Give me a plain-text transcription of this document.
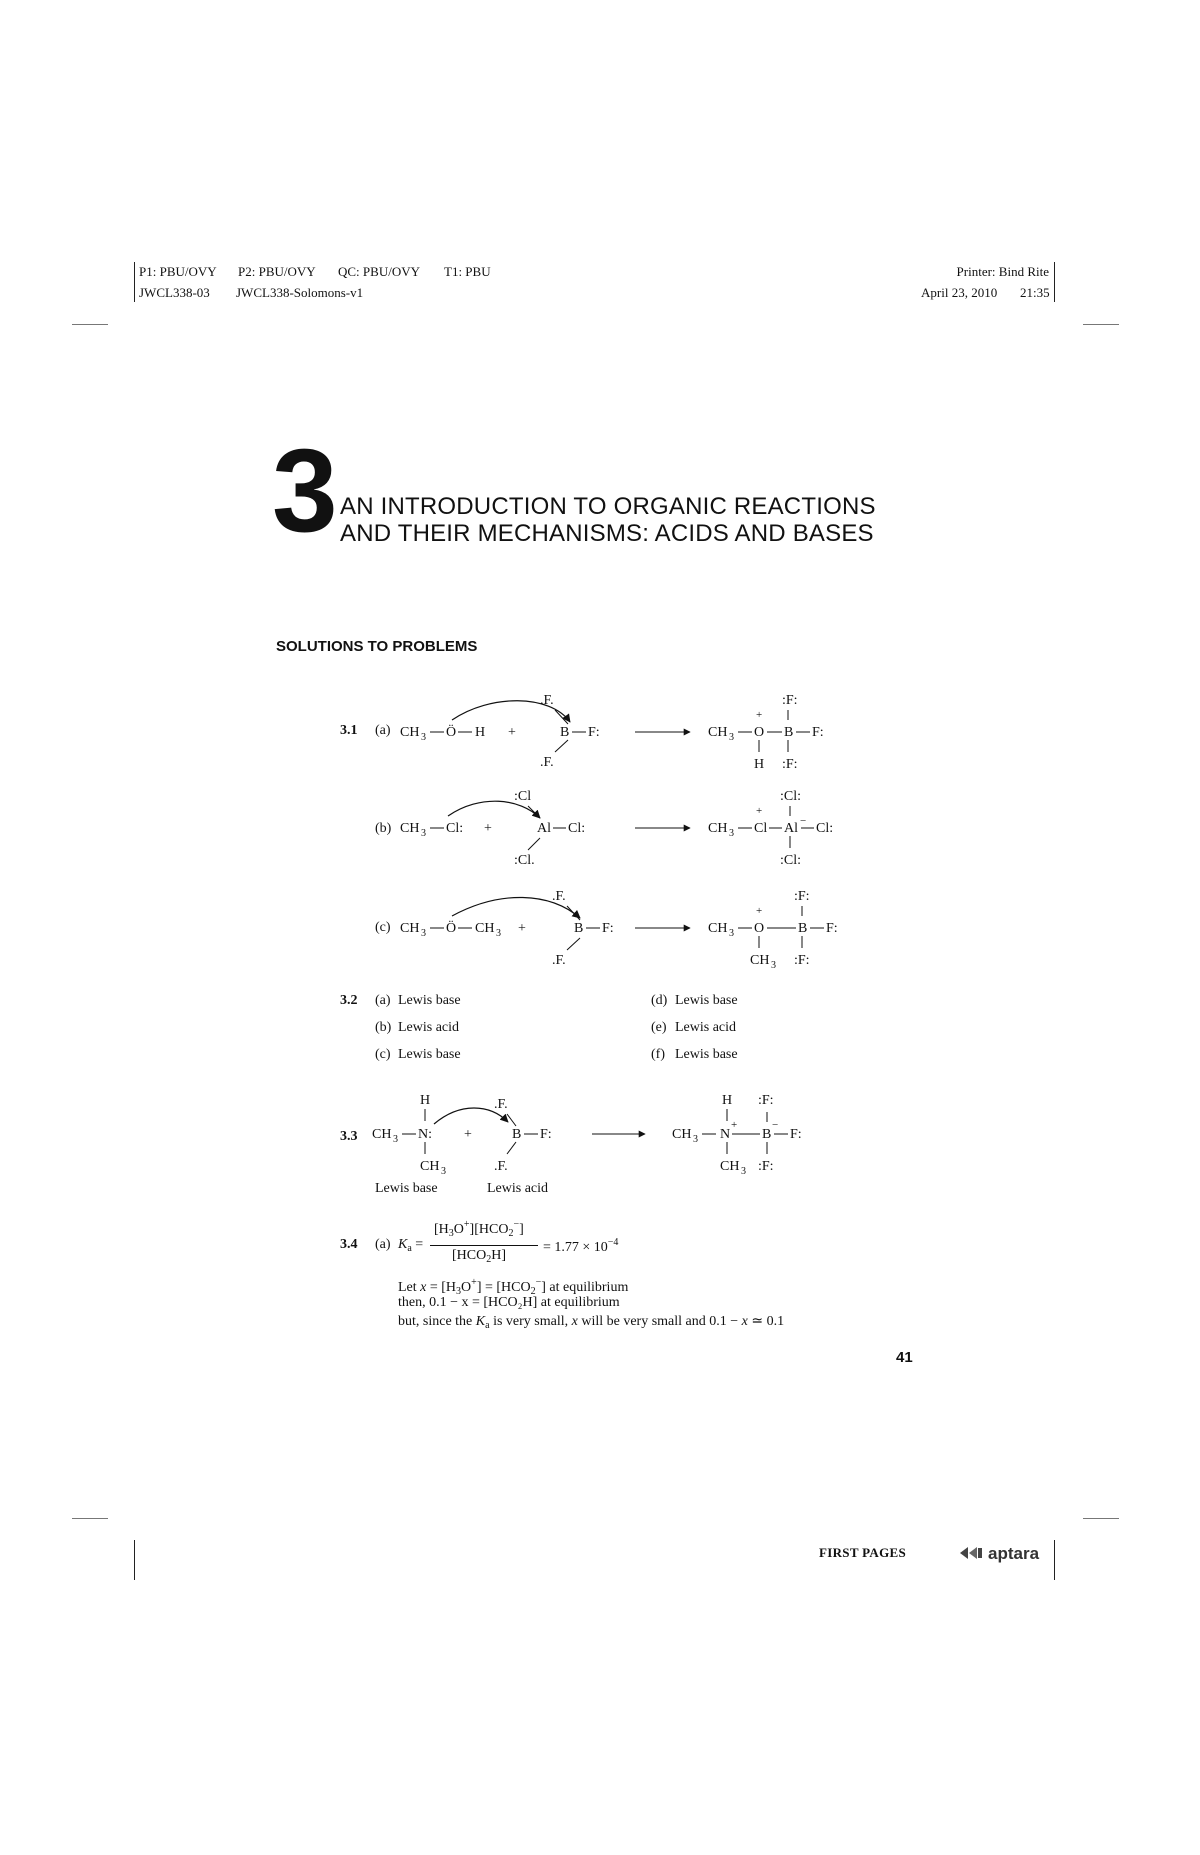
P1: PBU/OVY P2: PBU/OVY QC: PBU/OVY T1: PBU	Printer: Bind Rite
JWCL338-03 JWCL338-Solomons-v1	April 23, 2010 21:35
3 AN INTRODUCTION TO ORGANIC REACTIONS
AND THEIR MECHANISMS: ACIDS AND BASES
SOLUTIONS TO PROBLEMS
3.1 (a)
(b)
(c)
CH 3 Ö H +
.F.
B F:
.F.
CH 3 O
+
H
B
:F:
:F:
F:
CH 3 Cl: +
:Cl
Al Cl:
:Cl.
CH 3 Cl
+
Al −
:Cl:
:Cl:
Cl:
CH 3 Ö CH 3 +
.F.
B F:
.F.
CH 3 O
+
CH 3
B
:F:
:F:
F:
3.2 (a) Lewis base
(b) Lewis acid
(c) Lewis base
(d) Lewis base
(e) Lewis acid
(f) Lewis base
3.3
H
CH 3 N:
CH 3
+
.F.
B F:
.F.
H
CH 3 N
+
CH 3
B
−
:F:
:F:
F:
Lewis base	Lewis acid
3.4 (a) $K_a$ =
$[H_3O^+][HCO_2^-]$
$[HCO_2H]$
= $1.77 \times 10^{-4}$
Let $x = [H_3O^+] = [HCO_2^-]$ at equilibrium
then, 0.1 − x = [HCO₂H] at equilibrium
but, since the $K_a$ is very small, x will be very small and 0.1 − x ≃ 0.1
41
FIRST PAGES	aptara
